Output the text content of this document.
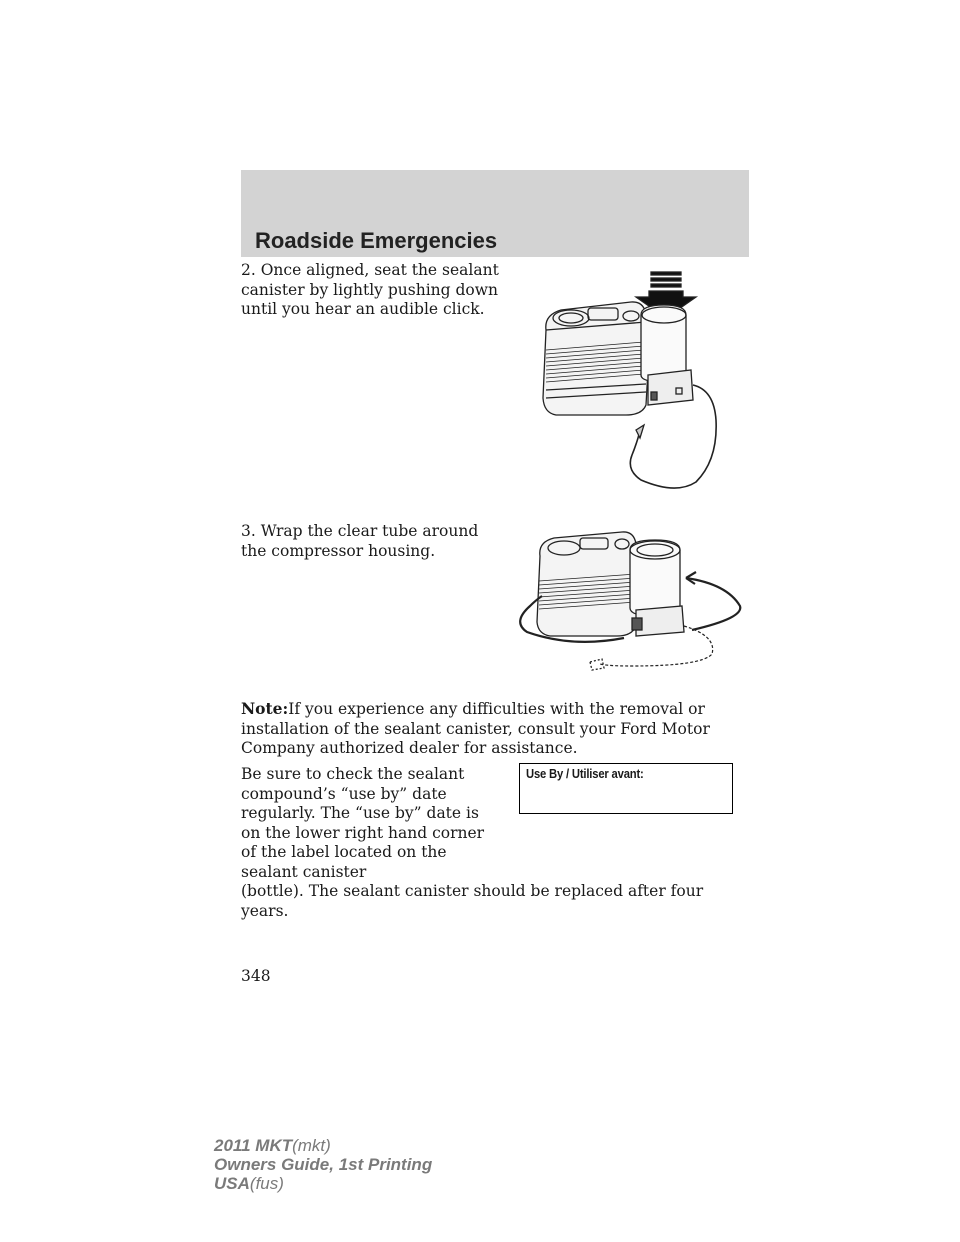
Roadside Emergencies

2. Once aligned, seat the sealant canister by lightly pushing down until you hear an audible click.

3. Wrap the clear tube around the compressor housing.

Note:If you experience any difficulties with the removal or installation of the sealant canister, consult your Ford Motor Company authorized dealer for assistance.

Be sure to check the sealant compound’s “use by” date regularly. The “use by” date is on the lower right hand corner of the label located on the sealant canister
(bottle). The sealant canister should be replaced after four years.

Use By / Utiliser avant:
348
2011 MKT(mkt)
Owners Guide, 1st Printing
USA(fus)
